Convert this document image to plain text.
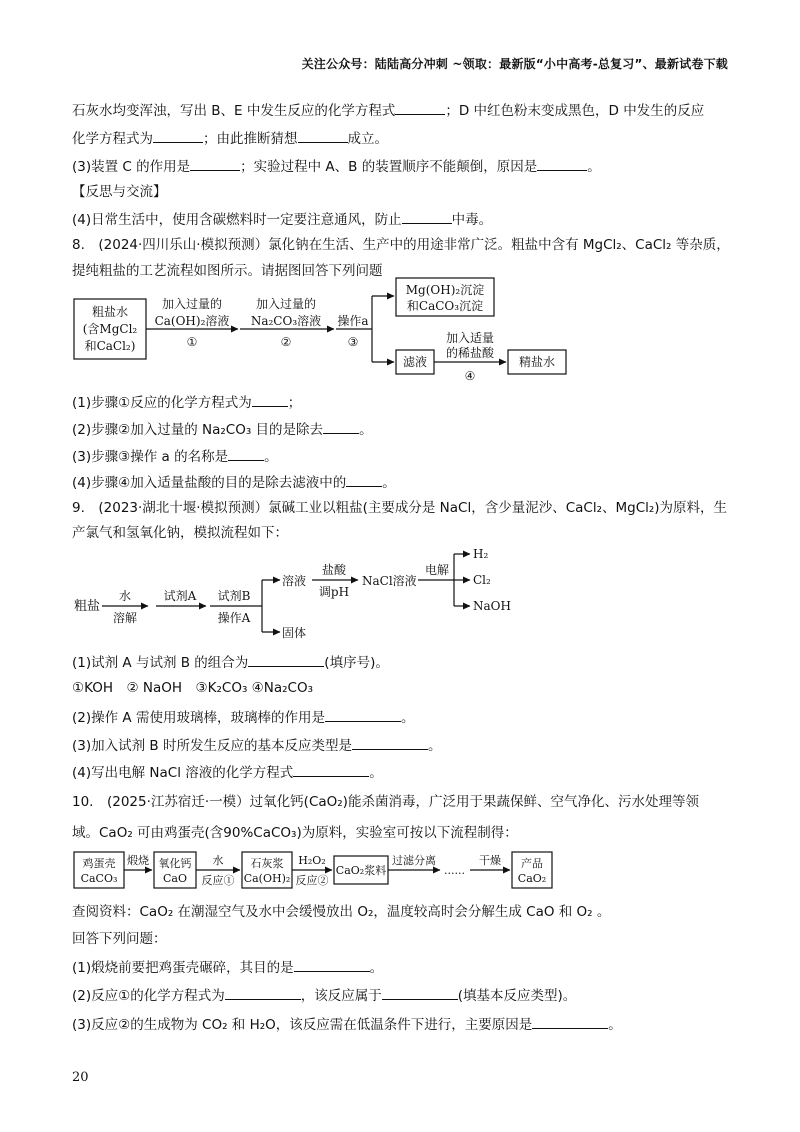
关注公众号：陆陆高分冲刺 ~领取：最新版“小中高考-总复习”、最新试卷下载
石灰水均变浑浊，写出 B、E 中发生反应的化学方程式	；D 中红色粉末变成黑色，D 中发生的反应
化学方程式为	；由此推断猜想	成立。
(3)装置 C 的作用是	；实验过程中 A、B 的装置顺序不能颠倒，原因是	。
【反思与交流】
(4)日常生活中，使用含碳燃料时一定要注意通风，防止	中毒。
8.　(2024·四川乐山·模拟预测）氯化钠在生活、生产中的用途非常广泛。粗盐中含有 MgCl₂、CaCl₂ 等杂质，
提纯粗盐的工艺流程如图所示。请据图回答下列问题
粗盐水
(含MgCl₂
和CaCl₂)
加入过量的
Ca(OH)₂溶液
①
加入过量的
Na₂CO₃溶液
②
操作a
③
Mg(OH)₂沉淀
和CaCO₃沉淀
滤液
加入适量
的稀盐酸
④
精盐水
粗盐
水
溶解
试剂A 试剂B
操作A
溶液
盐酸
调pH
NaCl溶液
电解
H₂
Cl₂
NaOH
固体
鸡蛋壳
CaCO₃
煅烧 氧化钙
CaO
水
反应①
石灰浆
Ca(OH)₂
H₂O₂
反应②
CaO₂浆料
过滤分离
......
干燥 产品
CaO₂
(1)步骤①反应的化学方程式为	；
(2)步骤②加入过量的 Na₂CO₃ 目的是除去	。
(3)步骤③操作 a 的名称是	。
(4)步骤④加入适量盐酸的目的是除去滤液中的	。
9.　(2023·湖北十堰·模拟预测）氯碱工业以粗盐(主要成分是 NaCl，含少量泥沙、CaCl₂、MgCl₂)为原料，生
产氯气和氢氧化钠，模拟流程如下：
(1)试剂 A 与试剂 B 的组合为	(填序号)。
①KOH　② NaOH　③K₂CO₃ ④Na₂CO₃
(2)操作 A 需使用玻璃棒，玻璃棒的作用是	。
(3)加入试剂 B 时所发生反应的基本反应类型是	。
(4)写出电解 NaCl 溶液的化学方程式	。
10.　(2025·江苏宿迁·一模）过氧化钙(CaO₂)能杀菌消毒，广泛用于果蔬保鲜、空气净化、污水处理等领
域。CaO₂ 可由鸡蛋壳(含90%CaCO₃)为原料，实验室可按以下流程制得：
查阅资料：CaO₂ 在潮湿空气及水中会缓慢放出 O₂，温度较高时会分解生成 CaO 和 O₂ 。
回答下列问题：
(1)煅烧前要把鸡蛋壳碾碎，其目的是	。
(2)反应①的化学方程式为	，该反应属于	(填基本反应类型)。
(3)反应②的生成物为 CO₂ 和 H₂O，该反应需在低温条件下进行，主要原因是	。
20
